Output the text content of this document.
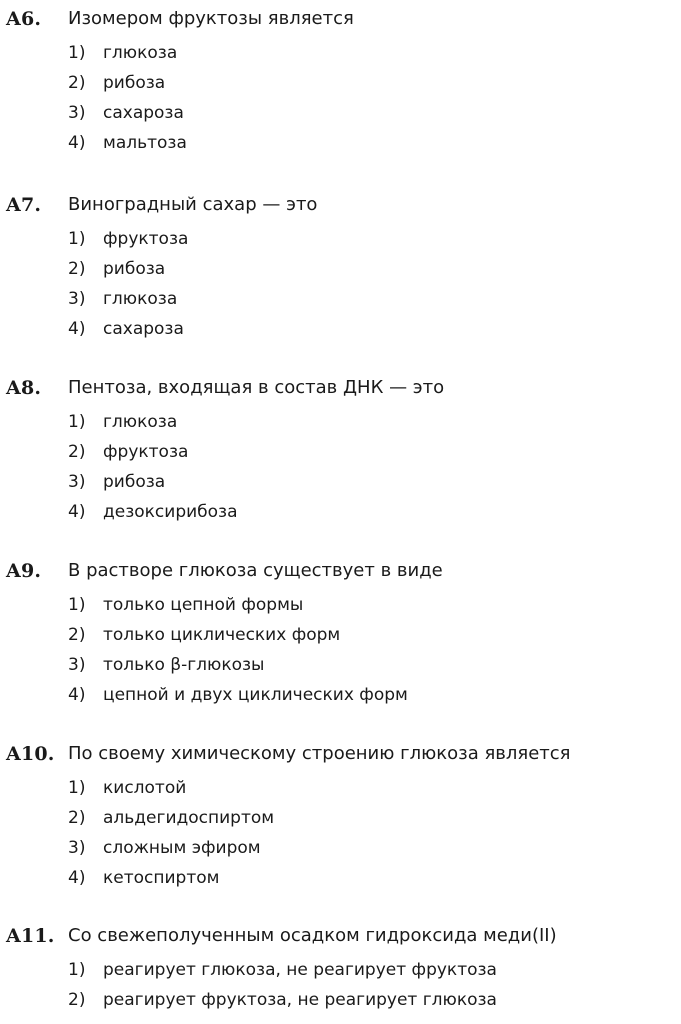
A6. Изомером фруктозы является
1) глюкоза
2) рибоза
3) сахароза
4) мальтоза
A7. Виноградный сахар — это
1) фруктоза
2) рибоза
3) глюкоза
4) сахароза
A8. Пентоза, входящая в состав ДНК — это
1) глюкоза
2) фруктоза
3) рибоза
4) дезоксирибоза
A9. В растворе глюкоза существует в виде
1) только цепной формы
2) только циклических форм
3) только β-глюкозы
4) цепной и двух циклических форм
A10. По своему химическому строению глюкоза является
1) кислотой
2) альдегидоспиртом
3) сложным эфиром
4) кетоспиртом
A11. Со свежеполученным осадком гидроксида меди(II)
1) реагирует глюкоза, не реагирует фруктоза
2) реагирует фруктоза, не реагирует глюкоза
